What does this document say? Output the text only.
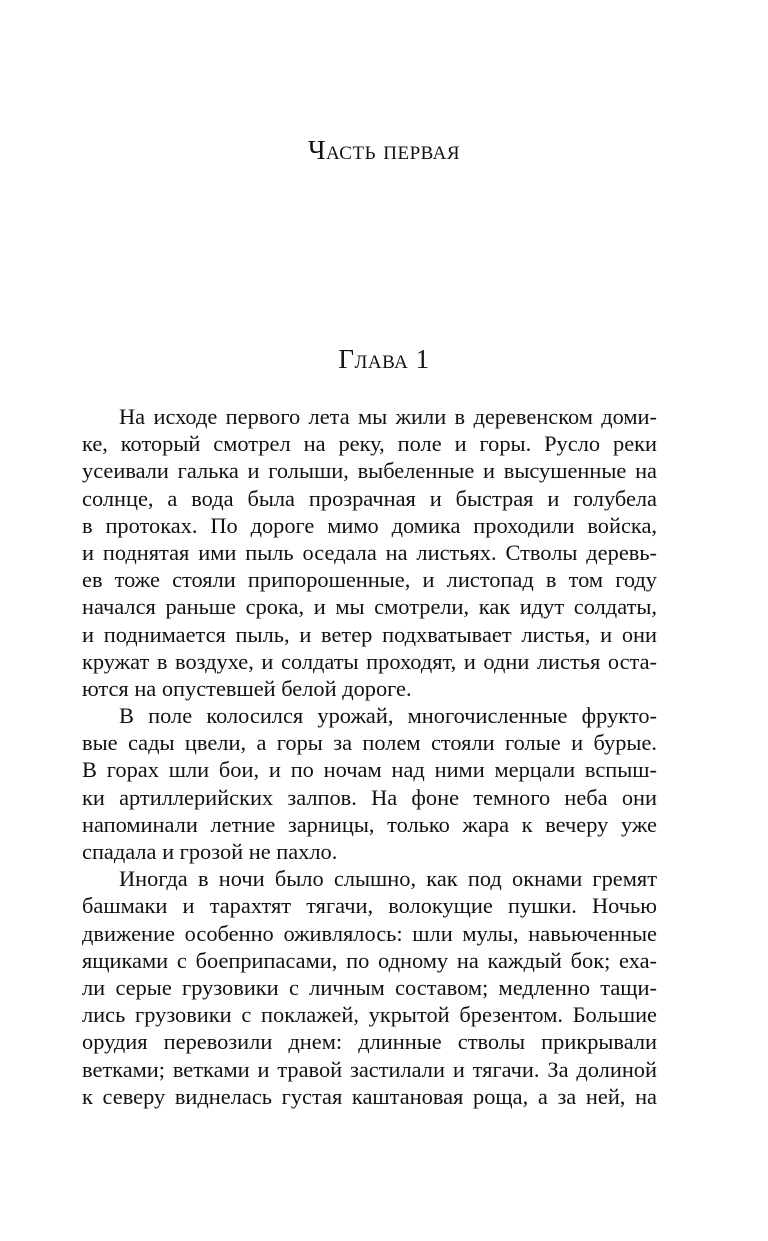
Часть первая
Глава 1
На исходе первого лета мы жили в деревенском доми-
ке, который смотрел на реку, поле и горы. Русло реки
усеивали галька и голыши, выбеленные и высушенные на
солнце, а вода была прозрачная и быстрая и голубела
в протоках. По дороге мимо домика проходили войска,
и поднятая ими пыль оседала на листьях. Стволы деревь-
ев тоже стояли припорошенные, и листопад в том году
начался раньше срока, и мы смотрели, как идут солдаты,
и поднимается пыль, и ветер подхватывает листья, и они
кружат в воздухе, и солдаты проходят, и одни листья оста-
ются на опустевшей белой дороге.
В поле колосился урожай, многочисленные фрукто-
вые сады цвели, а горы за полем стояли голые и бурые.
В горах шли бои, и по ночам над ними мерцали вспыш-
ки артиллерийских залпов. На фоне темного неба они
напоминали летние зарницы, только жара к вечеру уже
спадала и грозой не пахло.
Иногда в ночи было слышно, как под окнами гремят
башмаки и тарахтят тягачи, волокущие пушки. Ночью
движение особенно оживлялось: шли мулы, навьюченные
ящиками с боеприпасами, по одному на каждый бок; еха-
ли серые грузовики с личным составом; медленно тащи-
лись грузовики с поклажей, укрытой брезентом. Большие
орудия перевозили днем: длинные стволы прикрывали
ветками; ветками и травой застилали и тягачи. За долиной
к северу виднелась густая каштановая роща, а за ней, на
